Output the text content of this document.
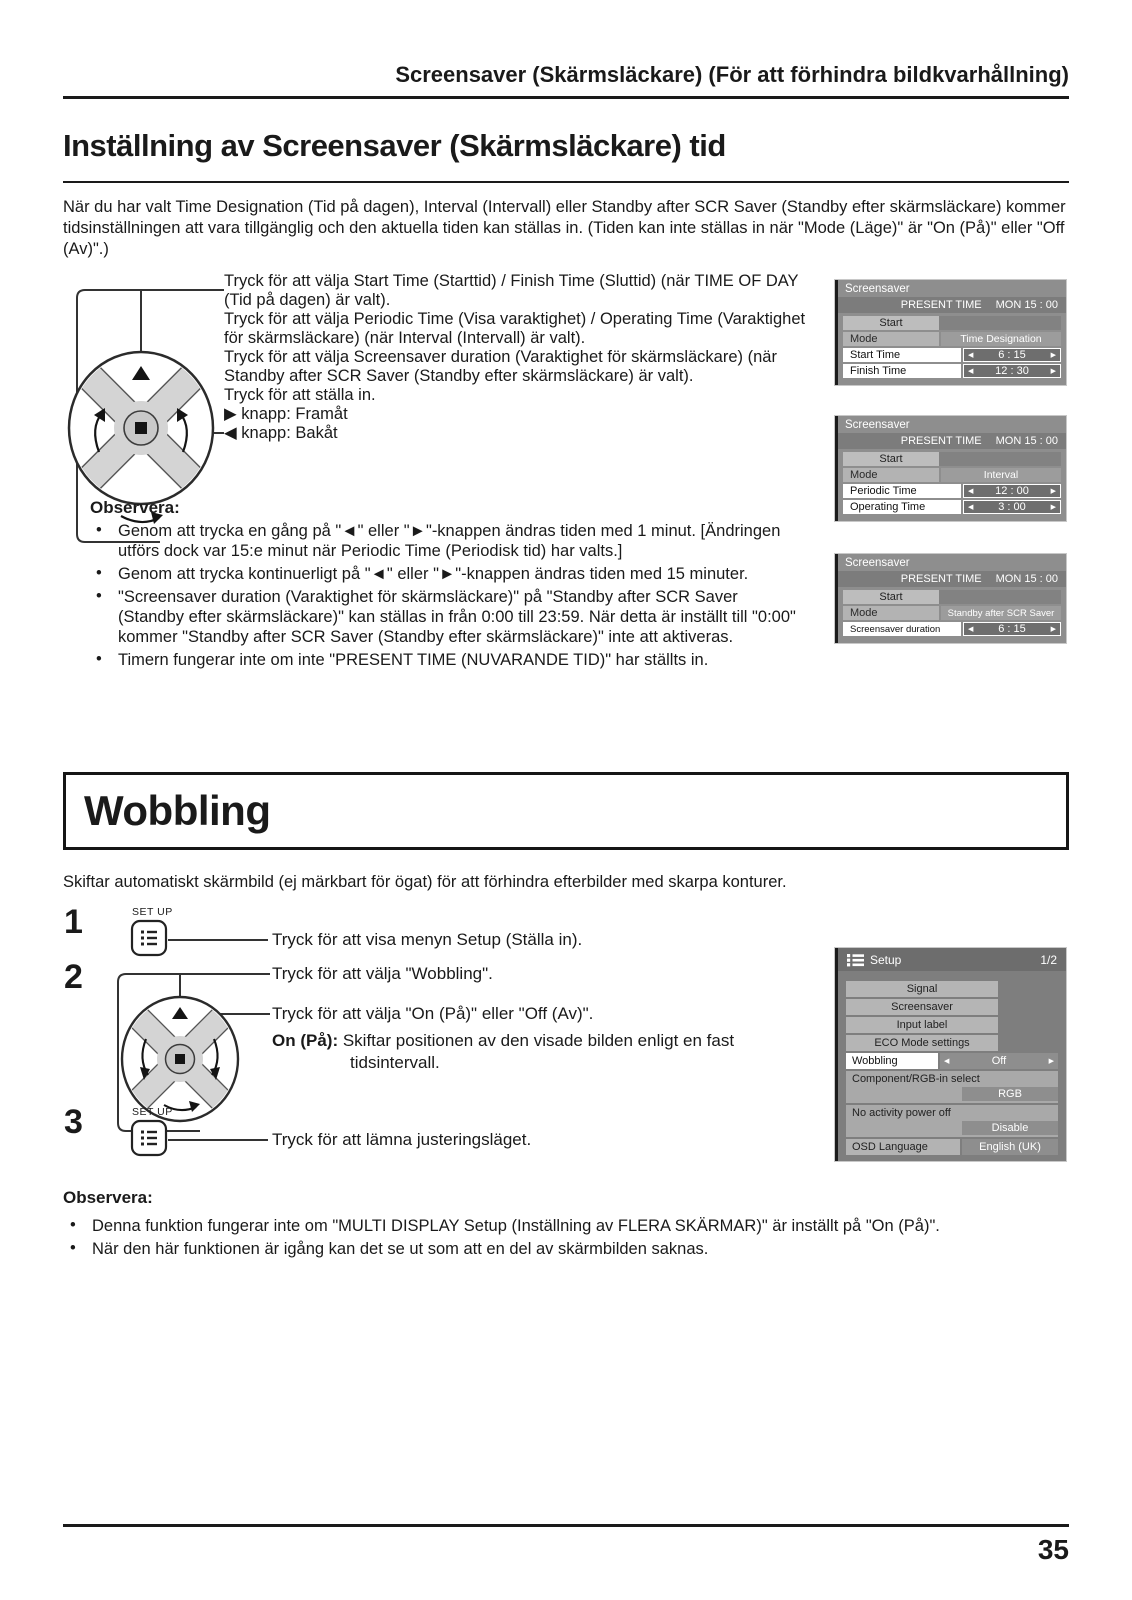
Screensaver (Skärmsläckare) (För att förhindra bildkvarhållning)
Inställning av Screensaver (Skärmsläckare) tid
När du har valt Time Designation (Tid på dagen), Interval (Intervall) eller Standby after SCR Saver (Standby efter skärmsläckare) kommer tidsinställningen att vara tillgänglig och den aktuella tiden kan ställas in. (Tiden kan inte ställas in när "Mode (Läge)" är "On (På)" eller "Off (Av)".)

Tryck för att välja Start Time (Starttid) / Finish Time (Sluttid) (när TIME OF DAY (Tid på dagen) är valt).

Tryck för att välja Periodic Time (Visa varaktighet) / Operating Time (Varaktighet för skärmsläckare) (när Interval (Intervall) är valt).

Tryck för att välja Screensaver duration (Varaktighet för skärmsläckare) (när Standby after SCR Saver (Standby efter skärmsläckare) är valt).

Tryck för att ställa in.

▶ knapp: Framåt

◀ knapp: Bakåt

Observera:
• Genom att trycka en gång på "◄" eller "►"-knappen ändras tiden med 1 minut. [Ändringen utförs dock var 15:e minut när Periodic Time (Periodisk tid) har valts.]
• Genom att trycka kontinuerligt på "◄" eller "►"-knappen ändras tiden med 15 minuter.
• "Screensaver duration (Varaktighet för skärmsläckare)" på "Standby after SCR Saver (Standby efter skärmsläckare)" kan ställas in från 0:00 till 23:59. När detta är inställt till "0:00" kommer "Standby after SCR Saver (Standby efter skärmsläckare)" inte att aktiveras.
• Timern fungerar inte om inte "PRESENT TIME (NUVARANDE TID)" har ställts in.
Screensaver
PRESENT TIME MON 15 : 00
Start
Mode	Time Designation
Start Time	◀ 6 : 15	▶
Finish Time	◀ 12 : 30	▶
Screensaver
PRESENT TIME MON 15 : 00
Start
Mode	Interval
Periodic Time	◀ 12 : 00	▶
Operating Time	◀ 3 : 00	▶
Screensaver
PRESENT TIME MON 15 : 00
Start
Mode	Standby after SCR Saver
Screensaver duration	◀ 6 : 15	▶
Wobbling
Skiftar automatiskt skärmbild (ej märkbart för ögat) för att förhindra efterbilder med skarpa konturer.
1	SET UP
Tryck för att visa menyn Setup (Ställa in).
2	Tryck för att välja "Wobbling".
Tryck för att välja "On (På)" eller "Off (Av)".
On (På): Skiftar positionen av den visade bilden enligt en fast
tidsintervall.
3	SET UP
Tryck för att lämna justeringsläget.
Setup	1/2
Signal
Screensaver
Input label
ECO Mode settings
Wobbling	◀	Off	▶
Component/RGB-in select
RGB
No activity power off
Disable
OSD Language	English (UK)
Observera:
• Denna funktion fungerar inte om "MULTI DISPLAY Setup (Inställning av FLERA SKÄRMAR)" är inställt på "On (På)".
• När den här funktionen är igång kan det se ut som att en del av skärmbilden saknas.
35
